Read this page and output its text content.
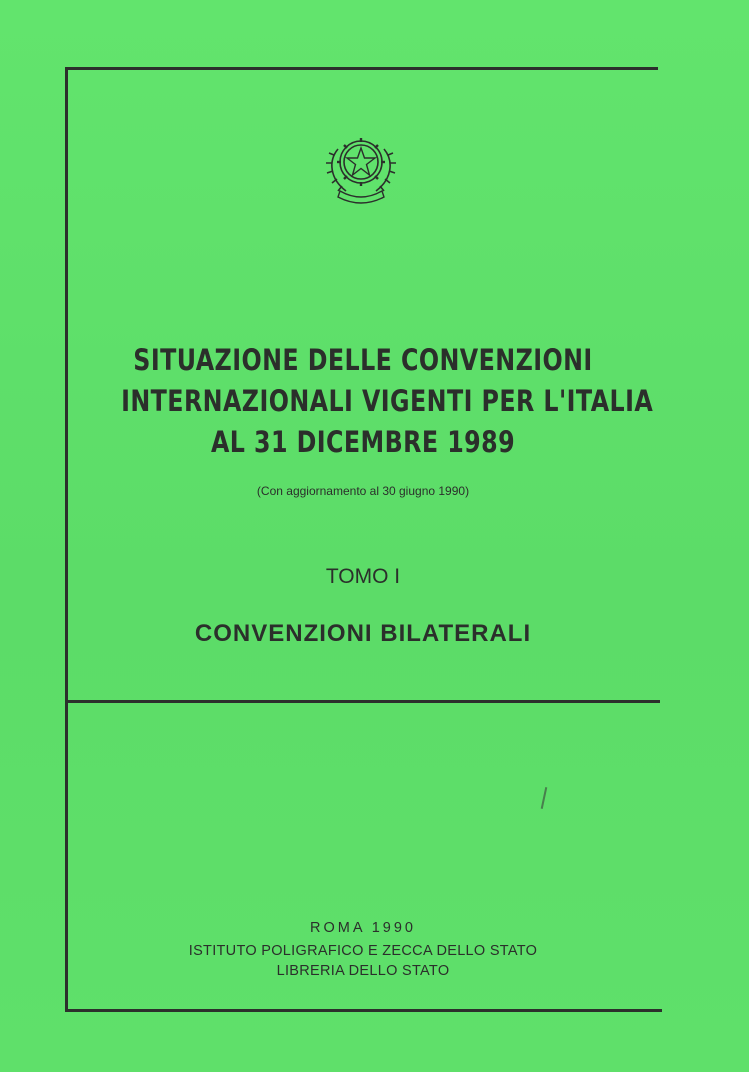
SITUAZIONE DELLE CONVENZIONI
INTERNAZIONALI VIGENTI PER L'ITALIA
AL 31 DICEMBRE 1989
(Con aggiornamento al 30 giugno 1990)
TOMO I
CONVENZIONI BILATERALI
ROMA 1990
ISTITUTO POLIGRAFICO E ZECCA DELLO STATO
LIBRERIA DELLO STATO
